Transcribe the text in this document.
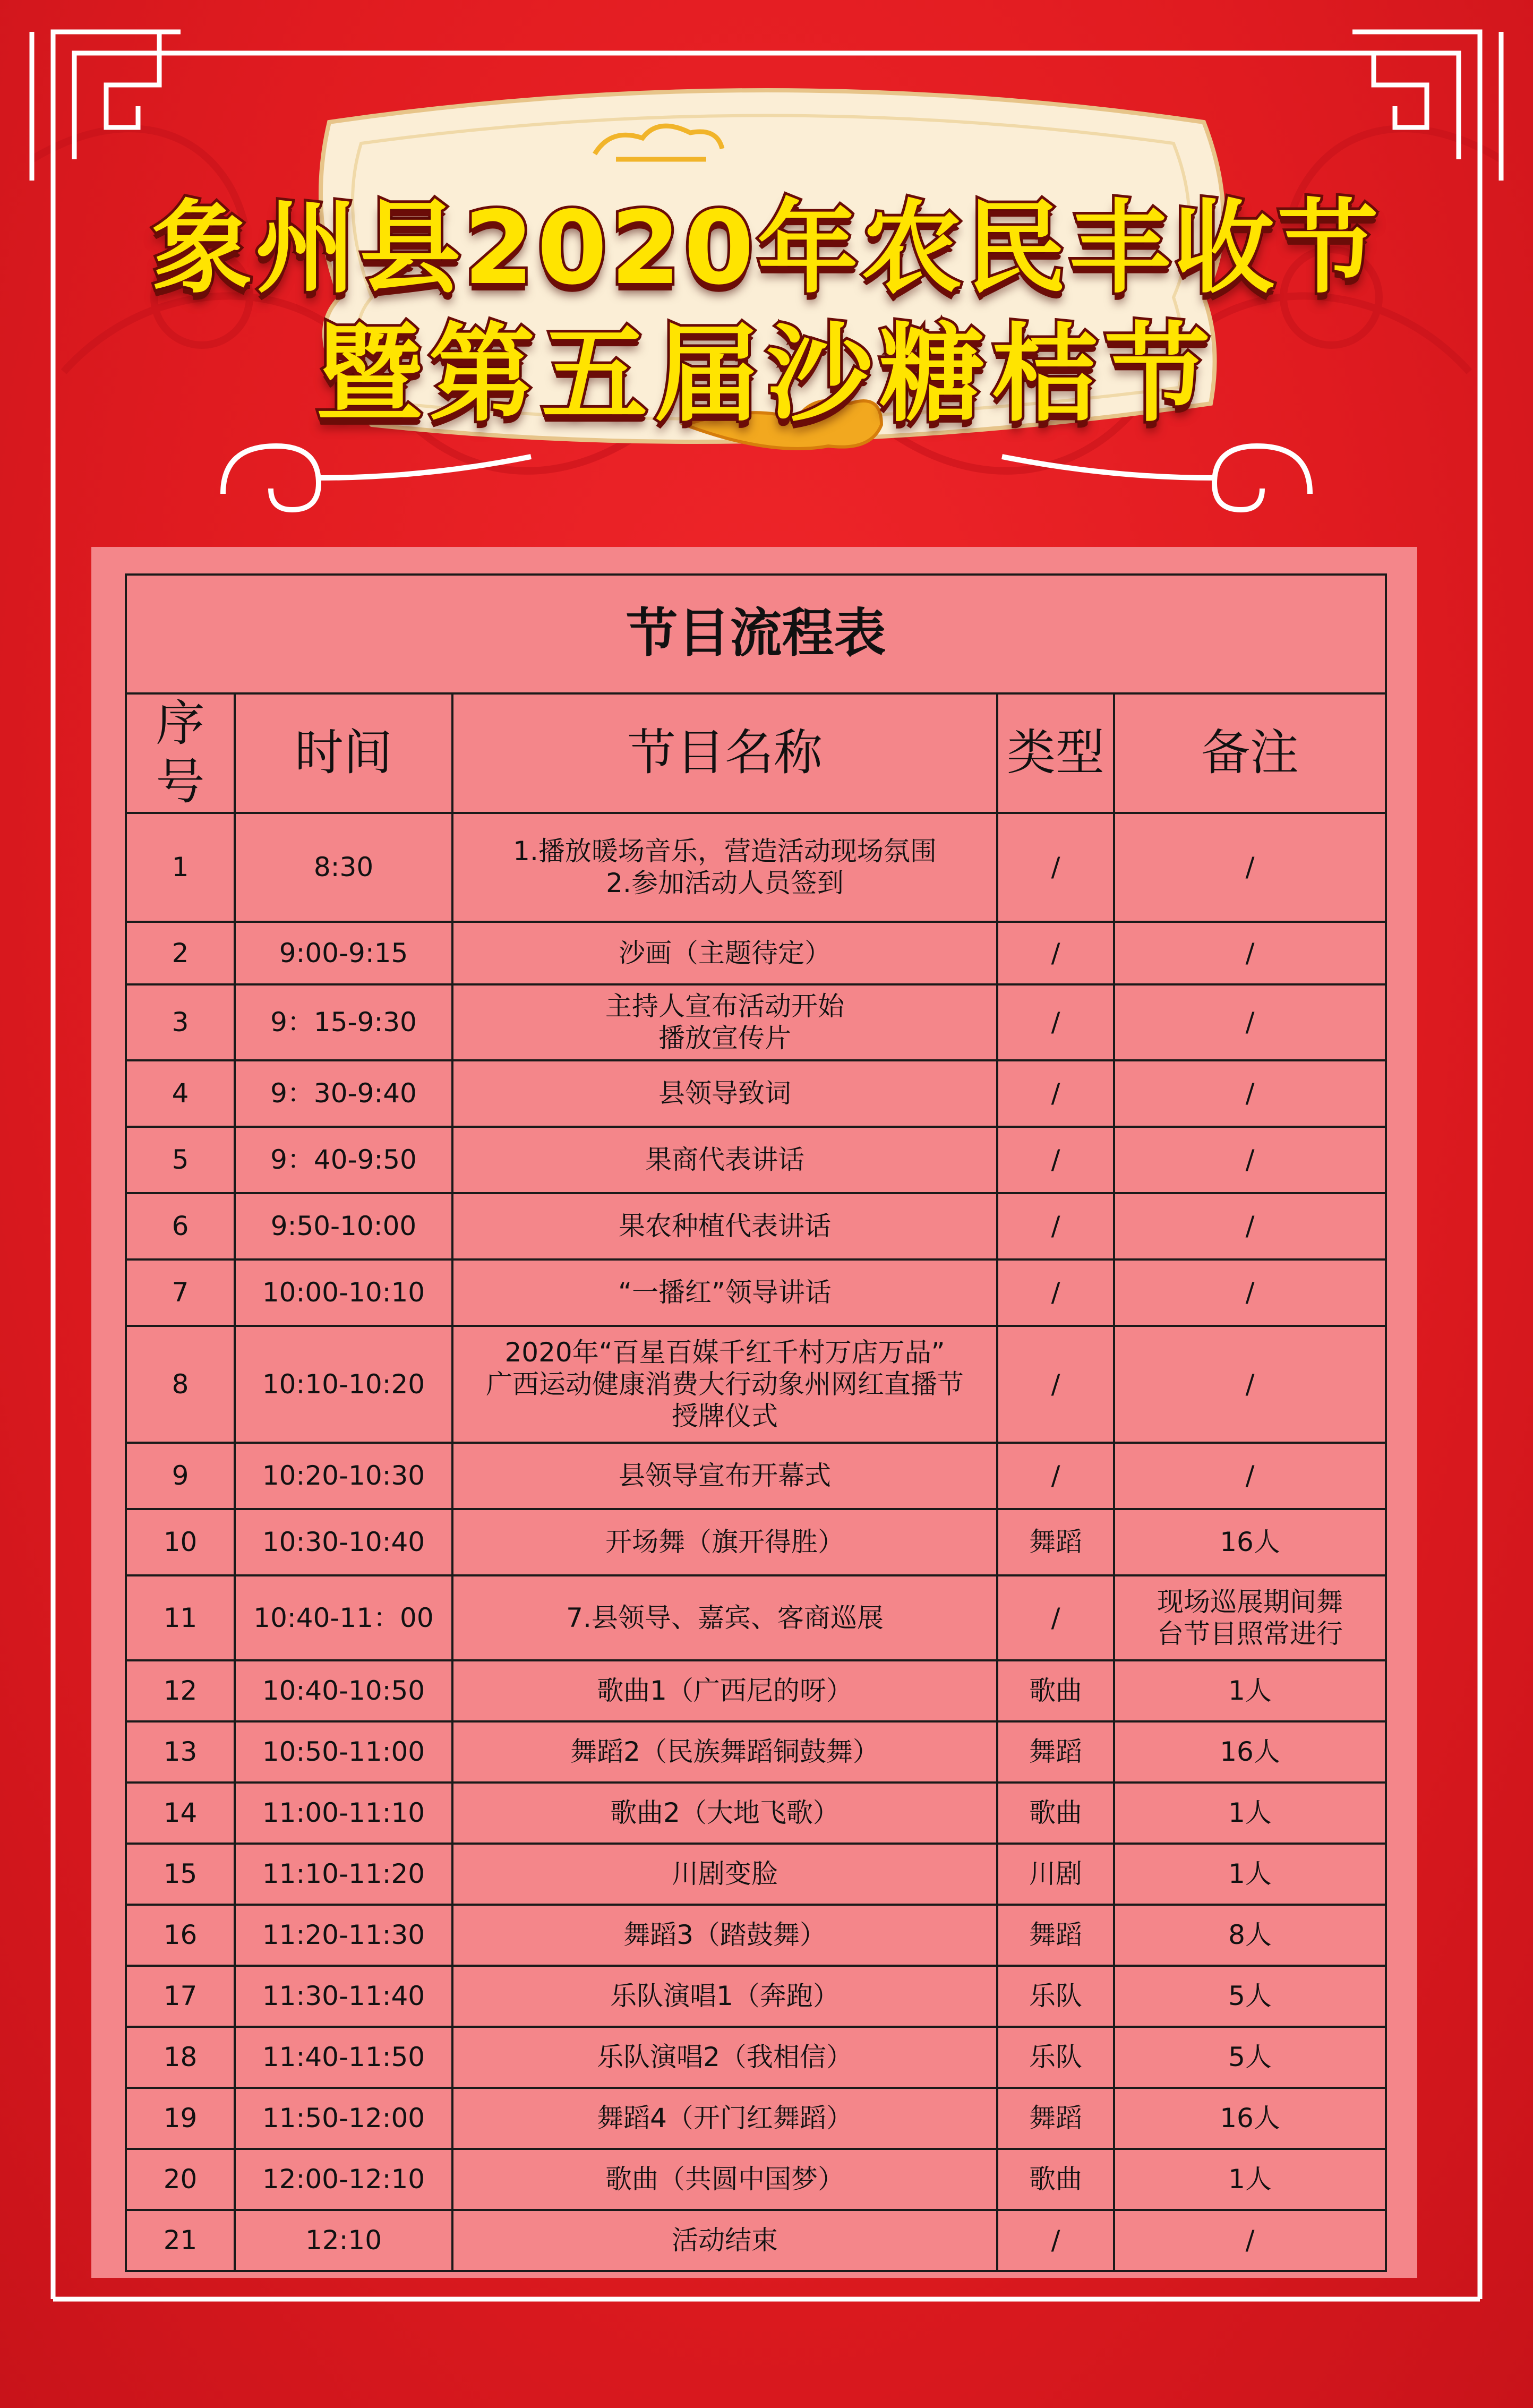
象州县2020年农民丰收节
暨第五届沙糖桔节
节目流程表				
序号	时间	节目名称	类型	备注
1	8:30	1.播放暖场音乐，营造活动现场氛围
2.参加活动人员签到	/	/

2	9:00-9:15	沙画（主题待定）	/	/

3	9：15-9:30	主持人宣布活动开始
播放宣传片	/	/

4	9：30-9:40	县领导致词	/	/

5	9：40-9:50	果商代表讲话	/	/

6	9:50-10:00	果农种植代表讲话	/	/

7	10:00-10:10	“一播红”领导讲话	/	/

8	10:10-10:20	2020年“百星百媒千红千村万店万品”
广西运动健康消费大行动象州网红直播节
授牌仪式	/	/

9	10:20-10:30	县领导宣布开幕式	/	/

10	10:30-10:40	开场舞（旗开得胜）	舞蹈	16人

11	10:40-11：00	7.县领导、嘉宾、客商巡展	/	现场巡展期间舞
台节目照常进行

12	10:40-10:50	歌曲1（广西尼的呀）	歌曲	1人

13	10:50-11:00	舞蹈2（民族舞蹈铜鼓舞）	舞蹈	16人

14	11:00-11:10	歌曲2（大地飞歌）	歌曲	1人

15	11:10-11:20	川剧变脸	川剧	1人

16	11:20-11:30	舞蹈3（踏鼓舞）	舞蹈	8人

17	11:30-11:40	乐队演唱1（奔跑）	乐队	5人

18	11:40-11:50	乐队演唱2（我相信）	乐队	5人

19	11:50-12:00	舞蹈4（开门红舞蹈）	舞蹈	16人

20	12:00-12:10	歌曲（共圆中国梦）	歌曲	1人

21	12:10	活动结束	/	/
